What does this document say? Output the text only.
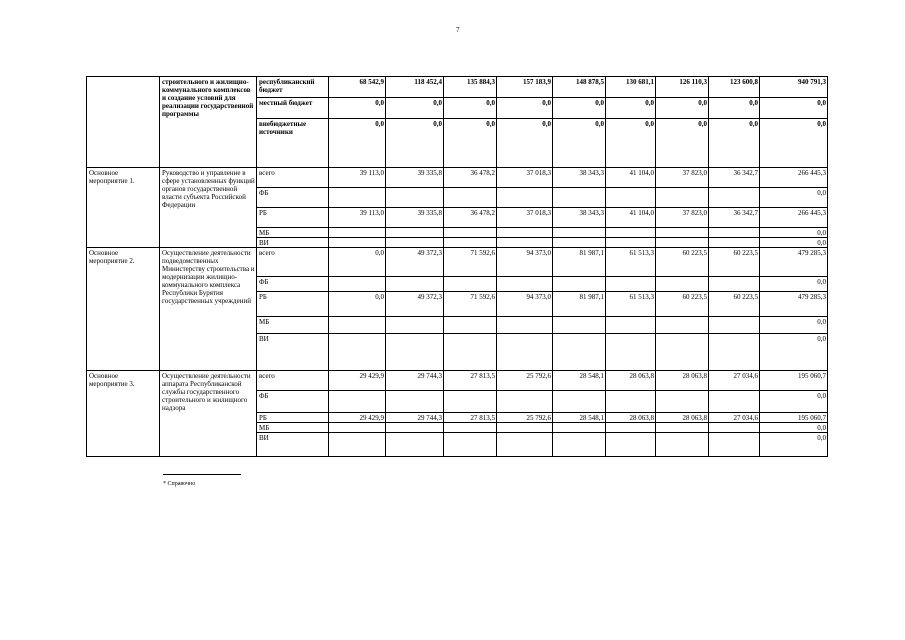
7
	строительного и жилищно-коммунального комплексов и создание условий для реализации государственной программы	республиканский бюджет	68 542,9	118 452,4	135 884,3	157 183,9	148 878,5	130 681,1	126 110,3	123 600,8	940 791,3
		местный бюджет	0,0	0,0	0,0	0,0	0,0	0,0	0,0	0,0	0,0
		внебюджетные источники	0,0	0,0	0,0	0,0	0,0	0,0	0,0	0,0	0,0
Основное мероприятие 1.	Руководство и управление в сфере установленных функций органов государственной власти субъекта Российской Федерации	всего	39 113,0	39 335,8	36 478,2	37 018,3	38 343,3	41 104,0	37 823,0	36 342,7	266 445,3
		ФБ									0,0
		РБ	39 113,0	39 335,8	36 478,2	37 018,3	38 343,3	41 104,0	37 823,0	36 342,7	266 445,3
		МБ									0,0
		ВИ									0,0
Основное мероприятие 2.	Осуществление деятельности подведомственных Министерству строительства и модернизации жилищно-коммунального комплекса Республики Бурятия государственных учреждений	всего	0,0	49 372,3	71 592,6	94 373,0	81 987,1	61 513,3	60 223,5	60 223,5	479 285,3
		ФБ									0,0
		РБ	0,0	49 372,3	71 592,6	94 373,0	81 987,1	61 513,3	60 223,5	60 223,5	479 285,3
		МБ									0,0
		ВИ									0,0
Основное мероприятие 3.	Осуществление деятельности аппарата Республиканской службы государственного строительного и жилищного надзора	всего	29 429,9	29 744,3	27 813,5	25 792,6	28 548,1	28 063,8	28 063,8	27 034,6	195 060,7
		ФБ									0,0
		РБ	29 429,9	29 744,3	27 813,5	25 792,6	28 548,1	28 063,8	28 063,8	27 034,6	195 060,7
		МБ									0,0
		ВИ									0,0
* Справочно
